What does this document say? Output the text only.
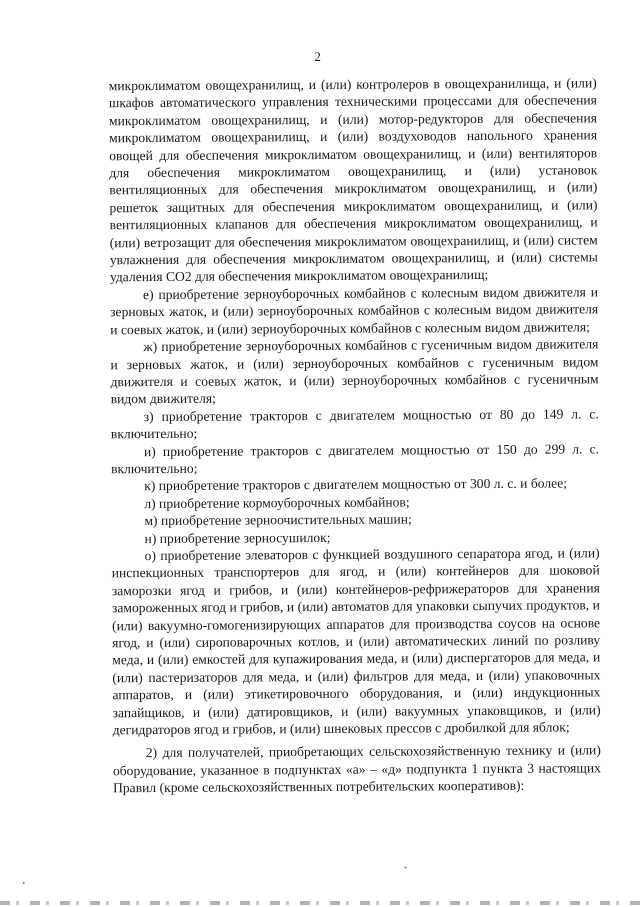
2

микроклиматом овощехранилищ, и (или) контролеров в овощехранилища, и (или) шкафов автоматического управления техническими процессами для обеспечения микроклиматом овощехранилищ, и (или) мотор-редукторов для обеспечения микроклиматом овощехранилищ, и (или) воздуховодов напольного хранения овощей для обеспечения микроклиматом овощехранилищ, и (или) вентиляторов для обеспечения микроклиматом овощехранилищ, и (или) установок вентиляционных для обеспечения микроклиматом овощехранилищ, и (или) решеток защитных для обеспечения микроклиматом овощехранилищ, и (или) вентиляционных клапанов для обеспечения микроклиматом овощехранилищ, и (или) ветрозащит для обеспечения микроклиматом овощехранилищ, и (или) систем увлажнения для обеспечения микроклиматом овощехранилищ, и (или) системы удаления СО2 для обеспечения микроклиматом овощехранилищ;

е) приобретение зерноуборочных комбайнов с колесным видом движителя и зерновых жаток, и (или) зерноуборочных комбайнов с колесным видом движителя и соевых жаток, и (или) зерноуборочных комбайнов с колесным видом движителя;

ж) приобретение зерноуборочных комбайнов с гусеничным видом движителя и зерновых жаток, и (или) зерноуборочных комбайнов с гусеничным видом движителя и соевых жаток, и (или) зерноуборочных комбайнов с гусеничным видом движителя;

з) приобретение тракторов с двигателем мощностью от 80 до 149 л. с. включительно;

и) приобретение тракторов с двигателем мощностью от 150 до 299 л. с. включительно;

к) приобретение тракторов с двигателем мощностью от 300 л. с. и более;

л) приобретение кормоуборочных комбайнов;

м) приобретение зерноочистительных машин;

н) приобретение зерносушилок;

о) приобретение элеваторов с функцией воздушного сепаратора ягод, и (или) инспекционных транспортеров для ягод, и (или) контейнеров для шоковой заморозки ягод и грибов, и (или) контейнеров-рефрижераторов для хранения замороженных ягод и грибов, и (или) автоматов для упаковки сыпучих продуктов, и (или) вакуумно-гомогенизирующих аппаратов для производства соусов на основе ягод, и (или) сироповарочных котлов, и (или) автоматических линий по розливу меда, и (или) емкостей для купажирования меда, и (или) диспергаторов для меда, и (или) пастеризаторов для меда, и (или) фильтров для меда, и (или) упаковочных аппаратов, и (или) этикетировочного оборудования, и (или) индукционных запайщиков, и (или) датировщиков, и (или) вакуумных упаковщиков, и (или) дегидраторов ягод и грибов, и (или) шнековых прессов с дробилкой для яблок;

2) для получателей, приобретающих сельскохозяйственную технику и (или) оборудование, указанное в подпунктах «а» – «д» подпункта 1 пункта 3 настоящих Правил (кроме сельскохозяйственных потребительских кооперативов):
